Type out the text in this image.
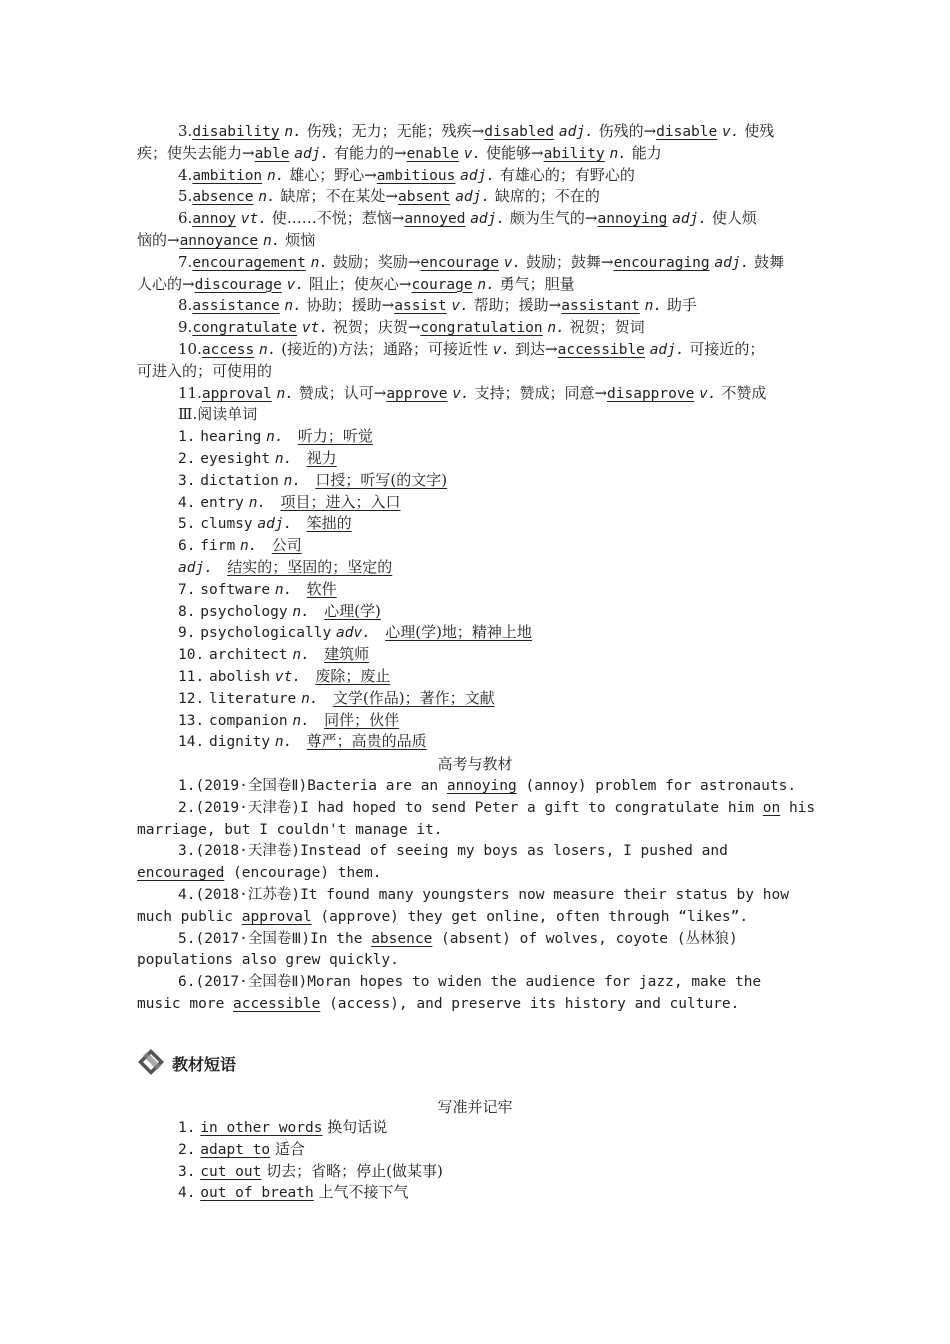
3.disability n. 伤残；无力；无能；残疾→disabled adj. 伤残的→disable v. 使残
疾；使失去能力→able adj. 有能力的→enable v. 使能够→ability n. 能力
4.ambition n. 雄心；野心→ambitious adj. 有雄心的；有野心的
5.absence n. 缺席；不在某处→absent adj. 缺席的；不在的
6.annoy vt. 使……不悦；惹恼→annoyed adj. 颇为生气的→annoying adj. 使人烦
恼的→annoyance n. 烦恼
7.encouragement n. 鼓励；奖励→encourage v. 鼓励；鼓舞→encouraging adj. 鼓舞
人心的→discourage v. 阻止；使灰心→courage n. 勇气；胆量
8.assistance n. 协助；援助→assist v. 帮助；援助→assistant n. 助手
9.congratulate vt. 祝贺；庆贺→congratulation n. 祝贺；贺词
10.access n. (接近的)方法；通路；可接近性 v. 到达→accessible adj. 可接近的；
可进入的；可使用的
11.approval n. 赞成；认可→approve v. 支持；赞成；同意→disapprove v. 不赞成
Ⅲ.阅读单词
1. hearing n. 听力；听觉
2. eyesight n. 视力
3. dictation n. 口授；听写(的文字)
4. entry n. 项目；进入；入口
5. clumsy adj. 笨拙的
6. firm n. 公司
adj. 结实的；坚固的；坚定的
7. software n. 软件
8. psychology n. 心理(学)
9. psychologically adv. 心理(学)地；精神上地
10. architect n. 建筑师
11. abolish vt. 废除；废止
12. literature n. 文学(作品)；著作；文献
13. companion n. 同伴；伙伴
14. dignity n. 尊严；高贵的品质
高考与教材
1.(2019·全国卷Ⅱ)Bacteria are an annoying (annoy) problem for astronauts.
2.(2019·天津卷)I had hoped to send Peter a gift to congratulate him on his
marriage, but I couldn't manage it.
3.(2018·天津卷)Instead of seeing my boys as losers, I pushed and
encouraged (encourage) them.
4.(2018·江苏卷)It found many youngsters now measure their status by how
much public approval (approve) they get online, often through “likes”.
5.(2017·全国卷Ⅲ)In the absence (absent) of wolves, coyote (丛林狼)
populations also grew quickly.
6.(2017·全国卷Ⅱ)Moran hopes to widen the audience for jazz, make the
music more accessible (access), and preserve its history and culture.
写准并记牢
1. in other words 换句话说
2. adapt to 适合
3. cut out 切去；省略；停止(做某事)
4. out of breath 上气不接下气
教材短语
